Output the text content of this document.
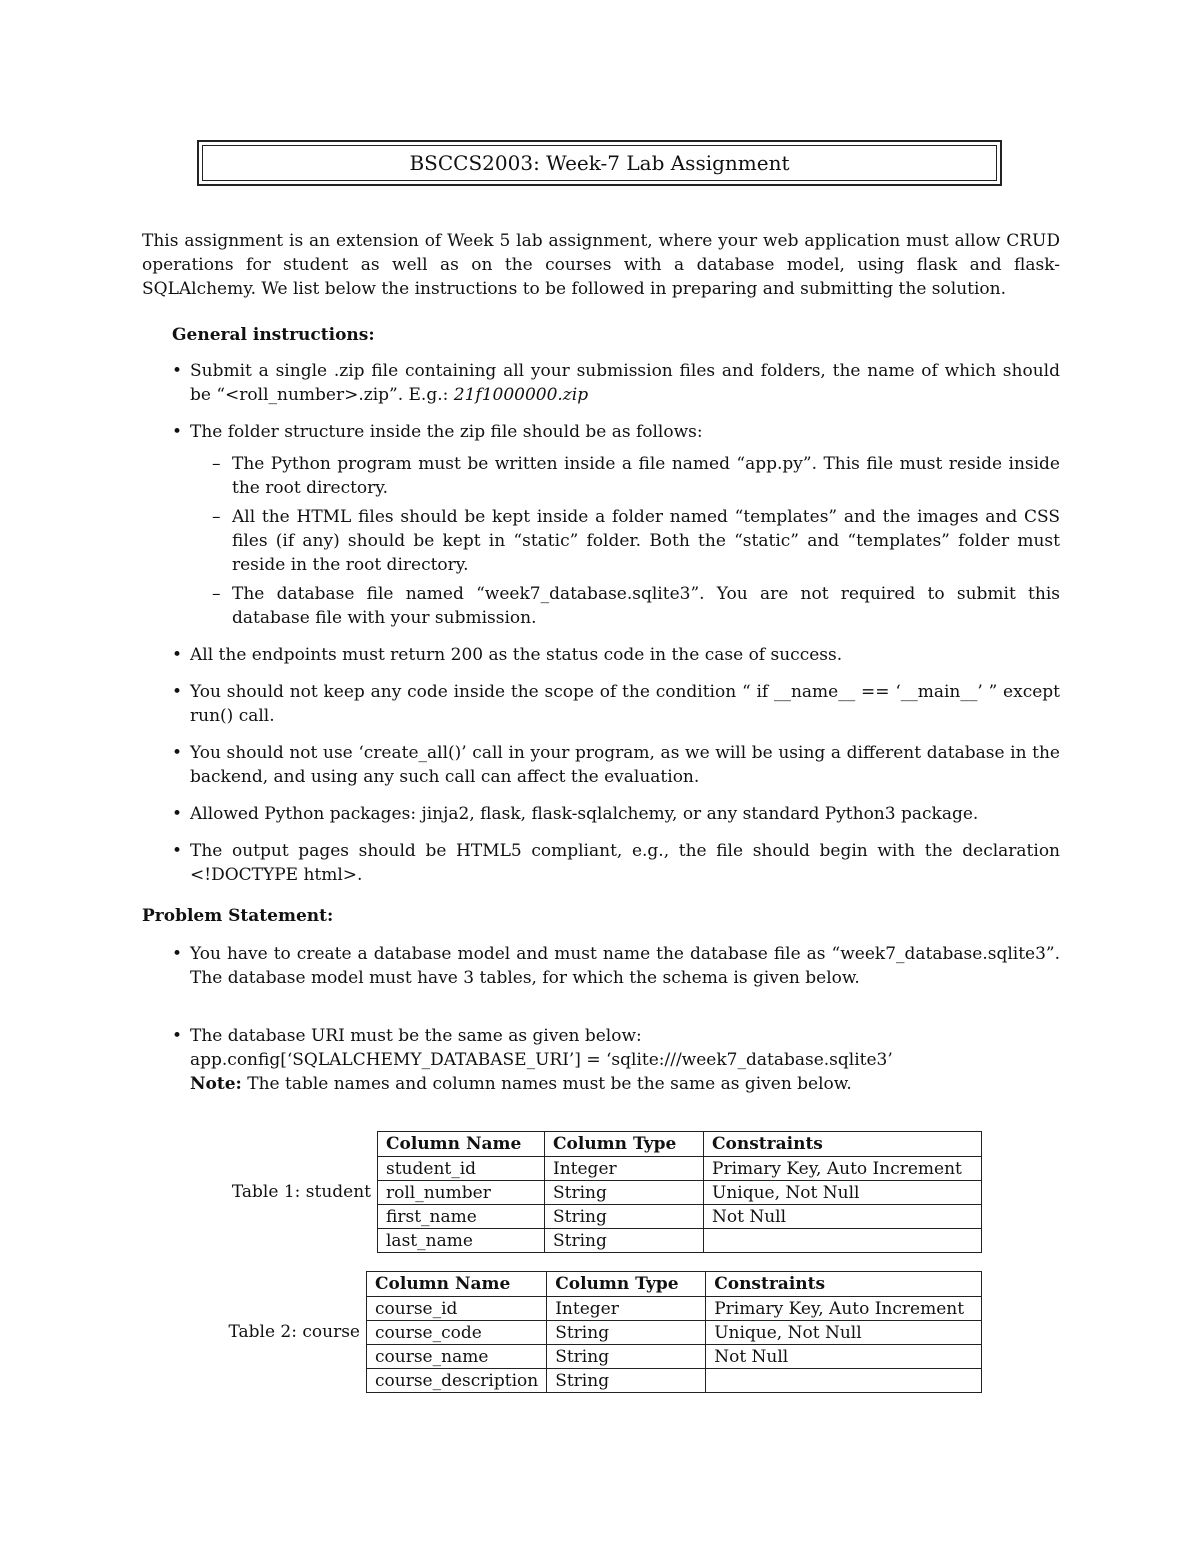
BSCCS2003: Week-7 Lab Assignment

This assignment is an extension of Week 5 lab assignment, where your web application must allow CRUD operations for student as well as on the courses with a database model, using flask and flask-SQLAlchemy. We list below the instructions to be followed in preparing and submitting the solution.

General instructions:

• Submit a single .zip file containing all your submission files and folders, the name of which should be “<roll_number>.zip”. E.g.: 21f1000000.zip
• The folder structure inside the zip file should be as follows:
– The Python program must be written inside a file named “app.py”. This file must reside inside the root directory.
– All the HTML files should be kept inside a folder named “templates” and the images and CSS files (if any) should be kept in “static” folder. Both the “static” and “templates” folder must reside in the root directory.
– The database file named “week7_database.sqlite3”. You are not required to submit this database file with your submission.
• All the endpoints must return 200 as the status code in the case of success.
• You should not keep any code inside the scope of the condition “ if __name__ == ‘__main__’ ” except run() call.
• You should not use ‘create_all()’ call in your program, as we will be using a different database in the backend, and using any such call can affect the evaluation.
• Allowed Python packages: jinja2, flask, flask-sqlalchemy, or any standard Python3 package.
• The output pages should be HTML5 compliant, e.g., the file should begin with the declaration <!DOCTYPE html>.

Problem Statement:

• You have to create a database model and must name the database file as “week7_database.sqlite3”. The database model must have 3 tables, for which the schema is given below.
• The database URI must be the same as given below:
app.config[‘SQLALCHEMY_DATABASE_URI’] = ‘sqlite:///week7_database.sqlite3’
Note: The table names and column names must be the same as given below.
Table 1: student
Column Name	Column Type	Constraints
student_id	Integer	Primary Key, Auto Increment
roll_number	String	Unique, Not Null
first_name	String	Not Null
last_name	String	
Table 2: course
Column Name	Column Type	Constraints
course_id	Integer	Primary Key, Auto Increment
course_code	String	Unique, Not Null
course_name	String	Not Null
course_description	String	
